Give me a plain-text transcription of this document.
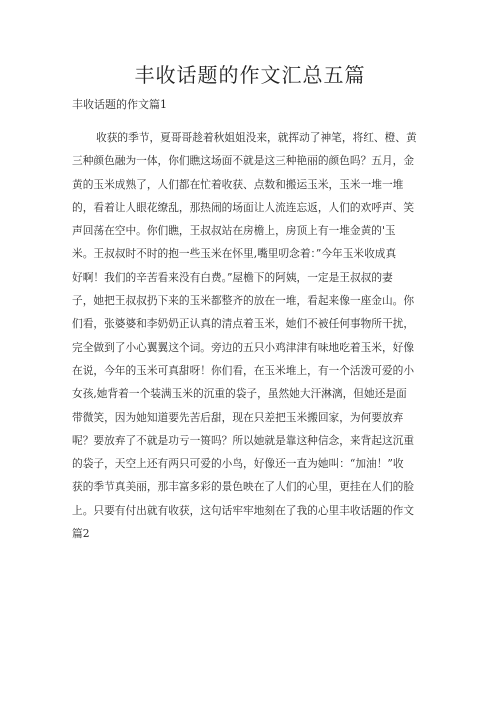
丰收话题的作文汇总五篇
丰收话题的作文篇1
收获的季节，夏哥哥趁着秋姐姐没来，就挥动了神笔，将红、橙、黄
三种颜色融为一体，你们瞧这场面不就是这三种艳丽的颜色吗？五月，金
黄的玉米成熟了，人们都在忙着收获、点数和搬运玉米，玉米一堆一堆
的，看着让人眼花缭乱，那热闹的场面让人流连忘返，人们的欢呼声、笑
声回荡在空中。你们瞧，王叔叔站在房檐上，房顶上有一堆金黄的'玉
米。王叔叔时不时的抱一些玉米在怀里,嘴里叨念着：”今年玉米收成真
好啊！我们的辛苦看来没有白费。”屋檐下的阿姨，一定是王叔叔的妻
子，她把王叔叔扔下来的玉米都整齐的放在一堆，看起来像一座金山。你
们看，张婆婆和李奶奶正认真的清点着玉米，她们不被任何事物所干扰，
完全做到了小心翼翼这个词。旁边的五只小鸡津津有味地吃着玉米，好像
在说，今年的玉米可真甜呀！你们看，在玉米堆上，有一个活泼可爱的小
女孩,她背着一个装满玉米的沉重的袋子，虽然她大汗淋漓，但她还是面
带微笑，因为她知道要先苦后甜，现在只差把玉米搬回家，为何要放弃
呢？要放弃了不就是功亏一篑吗？所以她就是靠这种信念，来背起这沉重
的袋子，天空上还有两只可爱的小鸟，好像还一直为她叫：“加油！”收
获的季节真美丽，那丰富多彩的景色映在了人们的心里，更挂在人们的脸
上。只要有付出就有收获，这句话牢牢地刻在了我的心里丰收话题的作文
篇2
